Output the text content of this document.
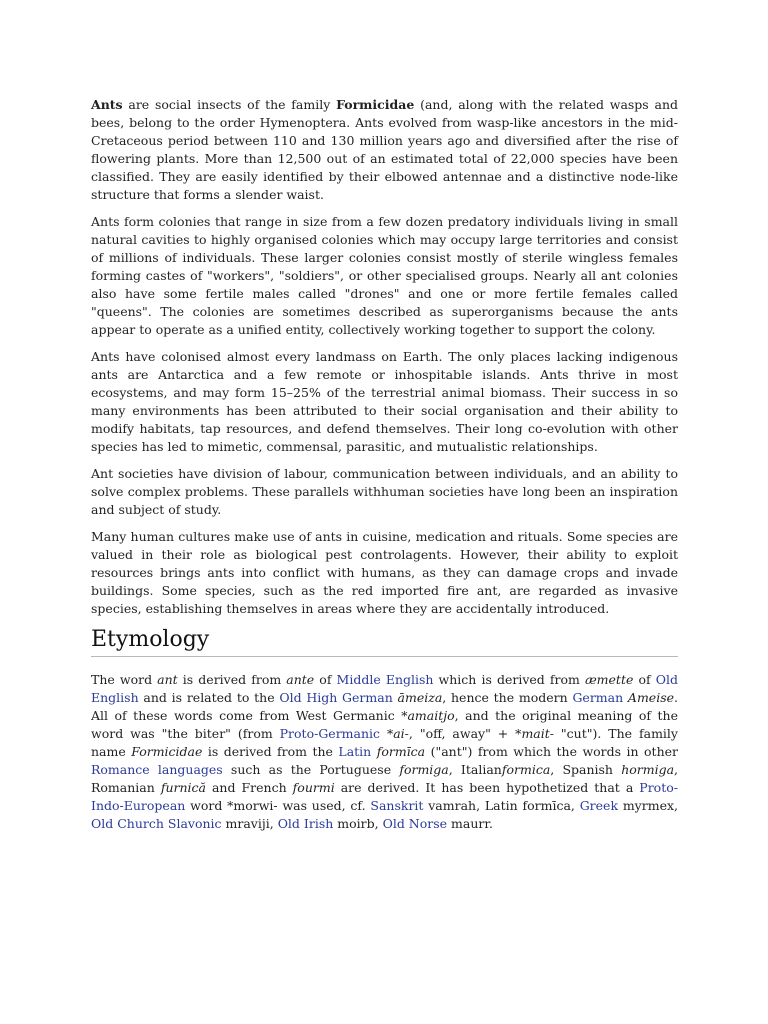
Ants are social insects of the family Formicidae (and, along with the related wasps and bees, belong to the order Hymenoptera. Ants evolved from wasp-like ancestors in the mid-Cretaceous period between 110 and 130 million years ago and diversified after the rise of flowering plants. More than 12,500 out of an estimated total of 22,000 species have been classified. They are easily identified by their elbowed antennae and a distinctive node-like structure that forms a slender waist.

Ants form colonies that range in size from a few dozen predatory individuals living in small natural cavities to highly organised colonies which may occupy large territories and consist of millions of individuals. These larger colonies consist mostly of sterile wingless females forming castes of "workers", "soldiers", or other specialised groups. Nearly all ant colonies also have some fertile males called "drones" and one or more fertile females called "queens". The colonies are sometimes described as superorganisms because the ants appear to operate as a unified entity, collectively working together to support the colony.

Ants have colonised almost every landmass on Earth. The only places lacking indigenous ants are Antarctica and a few remote or inhospitable islands. Ants thrive in most ecosystems, and may form 15–25% of the terrestrial animal biomass. Their success in so many environments has been attributed to their social organisation and their ability to modify habitats, tap resources, and defend themselves. Their long co-evolution with other species has led to mimetic, commensal, parasitic, and mutualistic relationships.

Ant societies have division of labour, communication between individuals, and an ability to solve complex problems. These parallels withhuman societies have long been an inspiration and subject of study.

Many human cultures make use of ants in cuisine, medication and rituals. Some species are valued in their role as biological pest controlagents. However, their ability to exploit resources brings ants into conflict with humans, as they can damage crops and invade buildings. Some species, such as the red imported fire ant, are regarded as invasive species, establishing themselves in areas where they are accidentally introduced.

Etymology

The word ant is derived from ante of Middle English which is derived from æmette of Old English and is related to the Old High German āmeiza, hence the modern German Ameise. All of these words come from West Germanic *amaitjo, and the original meaning of the word was "the biter" (from Proto-Germanic *ai-, "off, away" + *mait- "cut"). The family name Formicidae is derived from the Latin formīca ("ant") from which the words in other Romance languages such as the Portuguese formiga, Italianformica, Spanish hormiga, Romanian furnică and French fourmi are derived. It has been hypothetized that a Proto-Indo-European word *morwi- was used, cf. Sanskrit vamrah, Latin formīca, Greek myrmex, Old Church Slavonic mraviji, Old Irish moirb, Old Norse maurr.
